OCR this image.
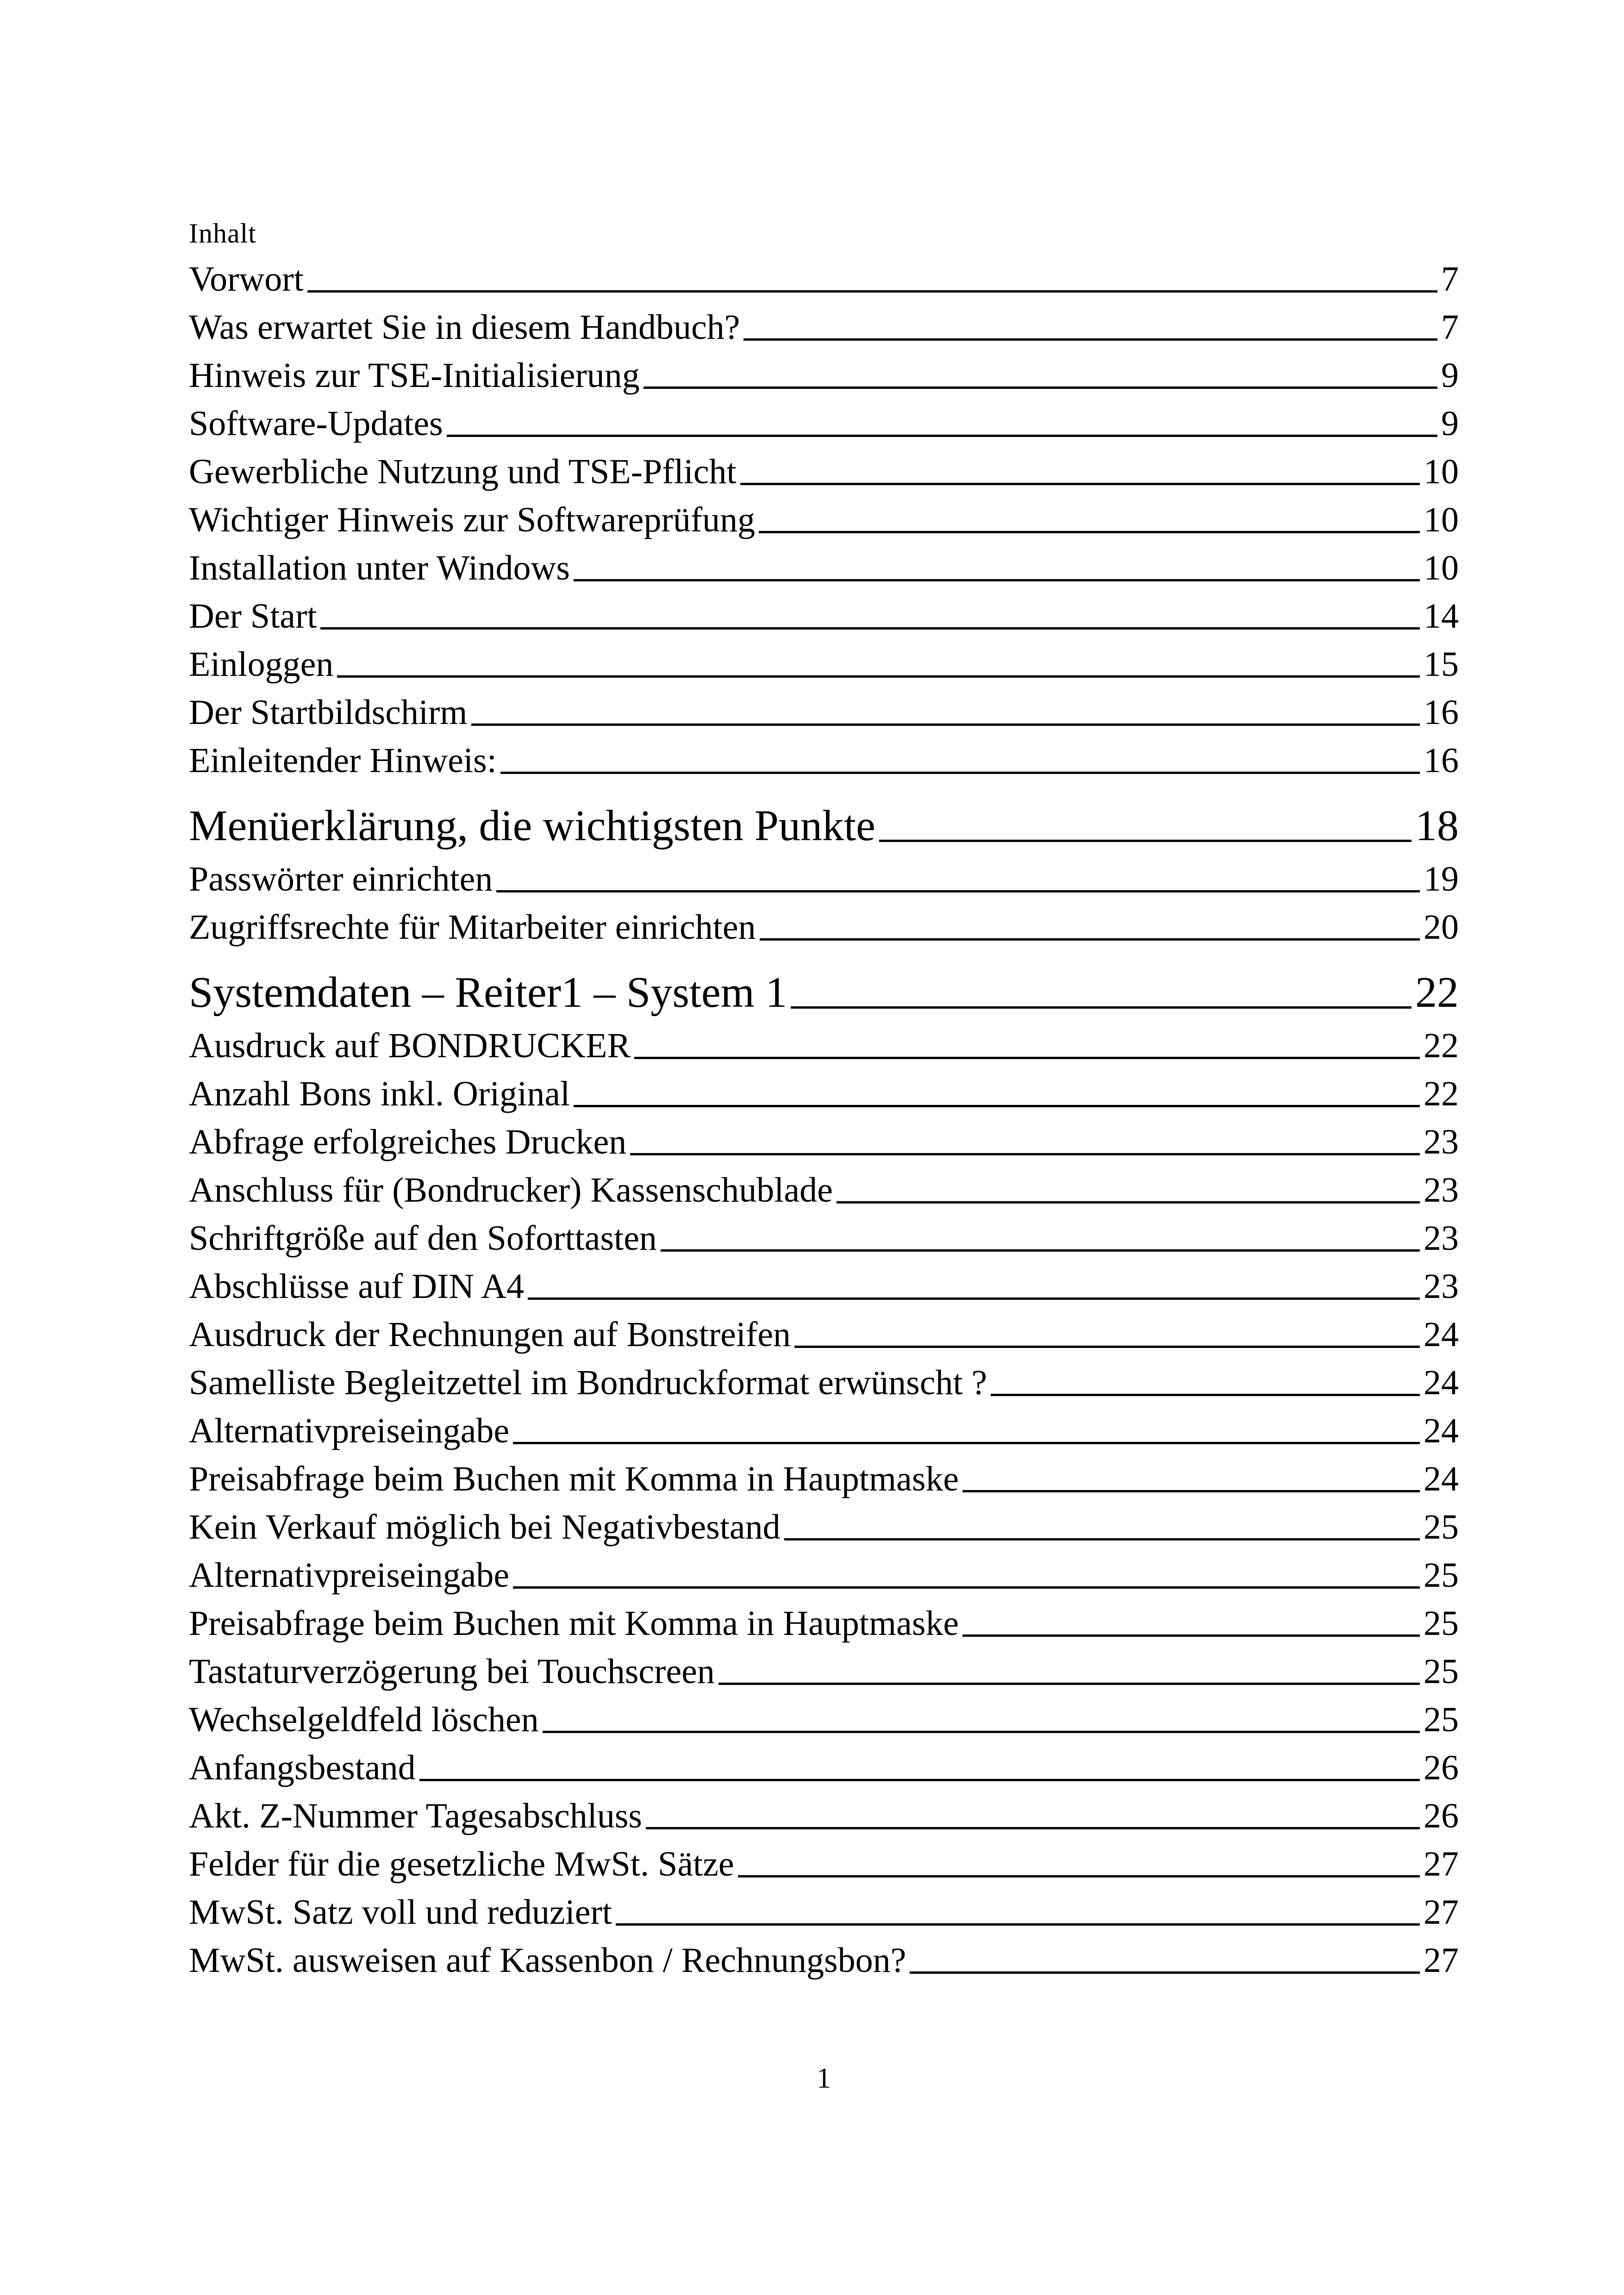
Inhalt
Vorwort	7
Was erwartet Sie in diesem Handbuch?	7
Hinweis zur TSE-Initialisierung	9
Software-Updates	9
Gewerbliche Nutzung und TSE-Pflicht	10
Wichtiger Hinweis zur Softwareprüfung	10
Installation unter Windows	10
Der Start	14
Einloggen	15
Der Startbildschirm	16
Einleitender Hinweis:	16
Menüerklärung, die wichtigsten Punkte	18
Passwörter einrichten	19
Zugriffsrechte für Mitarbeiter einrichten	20
Systemdaten – Reiter1 – System 1	22
Ausdruck auf BONDRUCKER	22
Anzahl Bons inkl. Original	22
Abfrage erfolgreiches Drucken	23
Anschluss für (Bondrucker) Kassenschublade	23
Schriftgröße auf den Soforttasten	23
Abschlüsse auf DIN A4	23
Ausdruck der Rechnungen auf Bonstreifen	24
Samelliste Begleitzettel im Bondruckformat erwünscht ?	24
Alternativpreiseingabe	24
Preisabfrage beim Buchen mit Komma in Hauptmaske	24
Kein Verkauf möglich bei Negativbestand	25
Alternativpreiseingabe	25
Preisabfrage beim Buchen mit Komma in Hauptmaske	25
Tastaturverzögerung bei Touchscreen	25
Wechselgeldfeld löschen	25
Anfangsbestand	26
Akt. Z-Nummer Tagesabschluss	26
Felder für die gesetzliche MwSt. Sätze	27
MwSt. Satz voll und reduziert	27
MwSt. ausweisen auf Kassenbon / Rechnungsbon?	27
1
